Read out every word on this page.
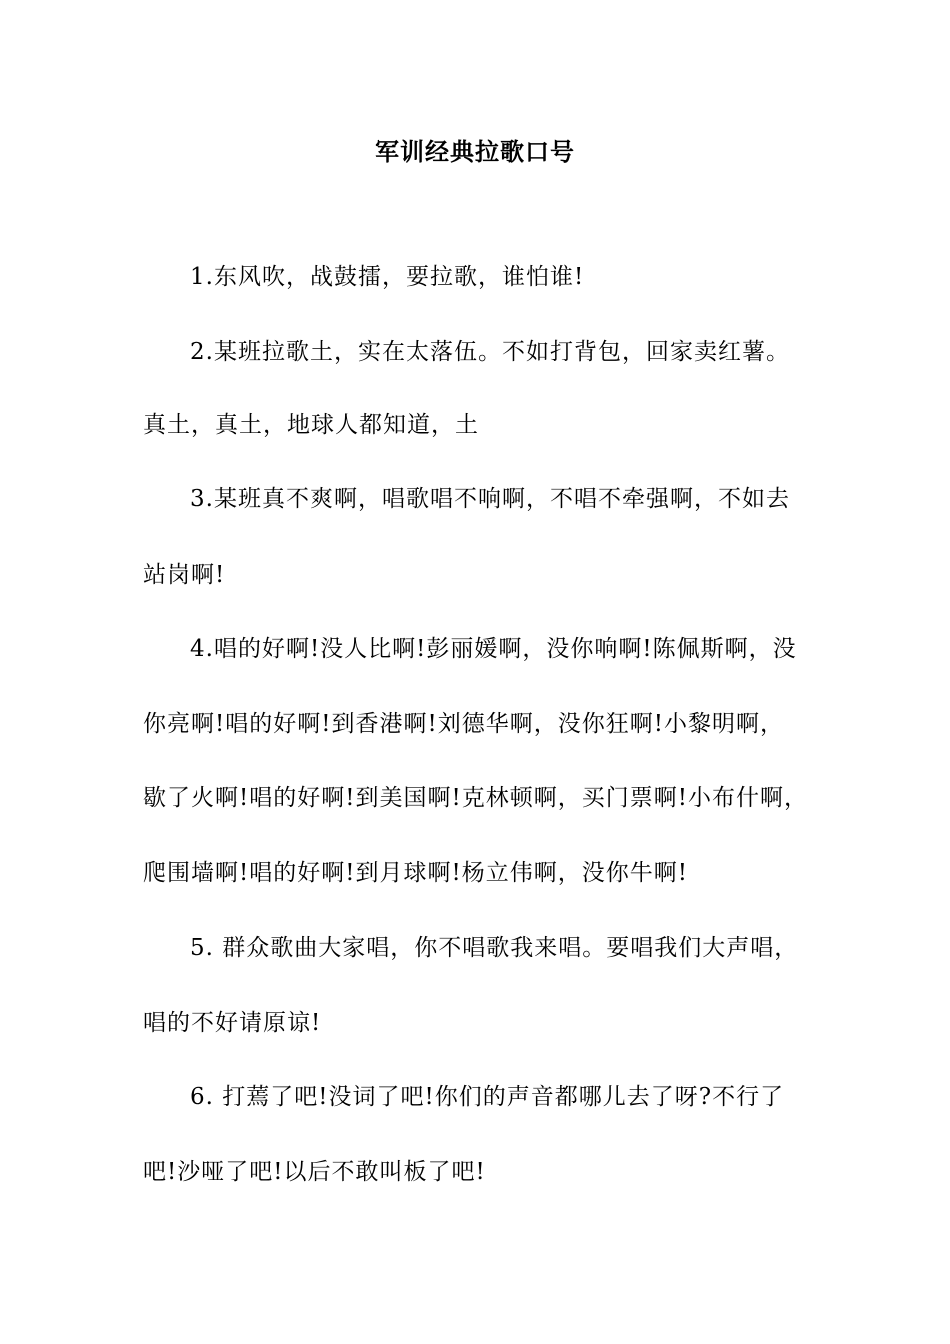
军训经典拉歌口号
1.东风吹，战鼓擂，要拉歌，谁怕谁!
2.某班拉歌土，实在太落伍。不如打背包，回家卖红薯。
真土，真土，地球人都知道，土
3.某班真不爽啊，唱歌唱不响啊，不唱不牵强啊，不如去
站岗啊!
4.唱的好啊!没人比啊!彭丽媛啊，没你响啊!陈佩斯啊，没
你亮啊!唱的好啊!到香港啊!刘德华啊，没你狂啊!小黎明啊，
歇了火啊!唱的好啊!到美国啊!克林顿啊，买门票啊!小布什啊，
爬围墙啊!唱的好啊!到月球啊!杨立伟啊，没你牛啊!
5. 群众歌曲大家唱，你不唱歌我来唱。要唱我们大声唱，
唱的不好请原谅!
6. 打蔫了吧!没词了吧!你们的声音都哪儿去了呀?不行了
吧!沙哑了吧!以后不敢叫板了吧!
